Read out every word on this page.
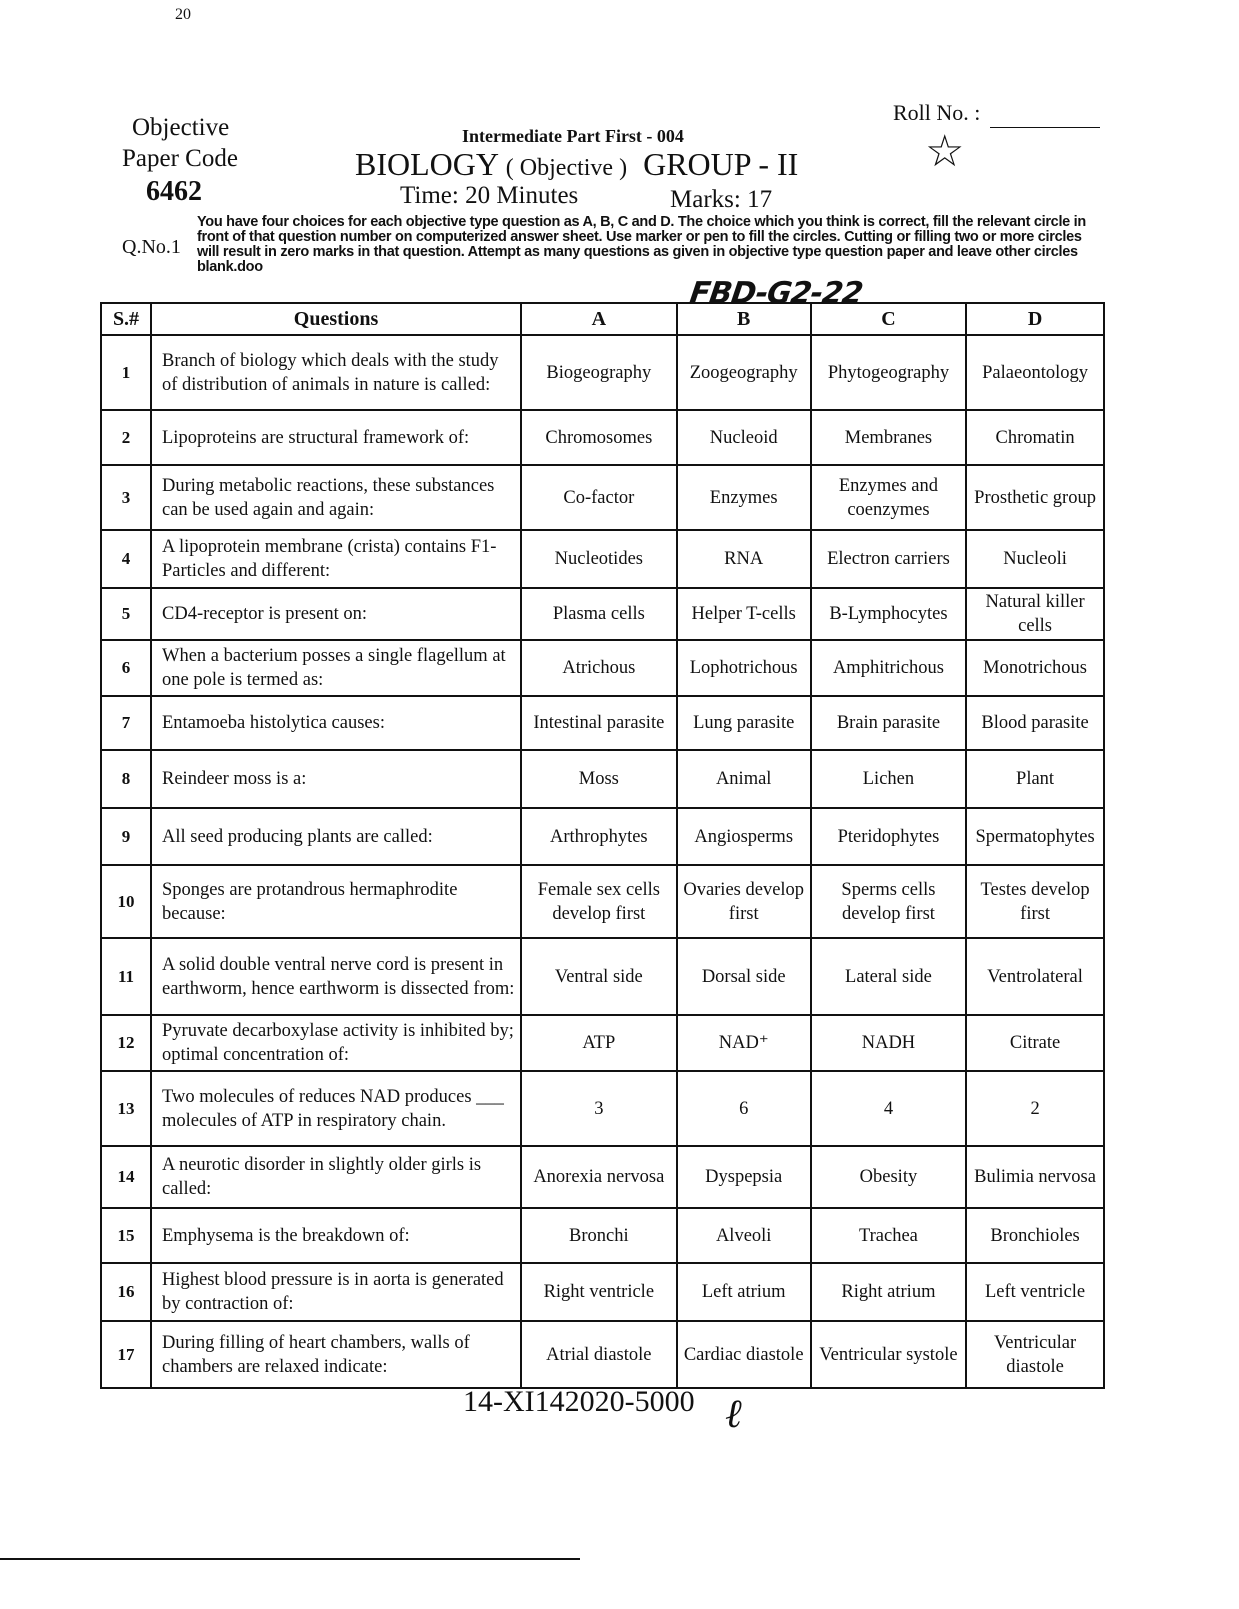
20
Objective
Paper Code
6462
Intermediate Part First - 004
BIOLOGY ( Objective ) GROUP - II
Time: 20 Minutes	Marks: 17
Roll No. :
☆
Q.No.1
You have four choices for each objective type question as A, B, C and D. The choice which you think is correct, fill the relevant circle in front of that question number on computerized answer sheet. Use marker or pen to fill the circles. Cutting or filling two or more circles will result in zero marks in that question. Attempt as many questions as given in objective type question paper and leave other circles blank.doo
FBD-G2-22
S.#	Questions	A	B	C	D
1	Branch of biology which deals with the study of distribution of animals in nature is called:	Biogeography	Zoogeography	Phytogeography	Palaeontology
2	Lipoproteins are structural framework of:	Chromosomes	Nucleoid	Membranes	Chromatin
3	During metabolic reactions, these substances can be used again and again:	Co-factor	Enzymes	Enzymes and coenzymes	Prosthetic group
4	A lipoprotein membrane (crista) contains F1-Particles and different:	Nucleotides	RNA	Electron carriers	Nucleoli
5	CD4-receptor is present on:	Plasma cells	Helper T-cells	B-Lymphocytes	Natural killer cells
6	When a bacterium posses a single flagellum at one pole is termed as:	Atrichous	Lophotrichous	Amphitrichous	Monotrichous
7	Entamoeba histolytica causes:	Intestinal parasite	Lung parasite	Brain parasite	Blood parasite
8	Reindeer moss is a:	Moss	Animal	Lichen	Plant
9	All seed producing plants are called:	Arthrophytes	Angiosperms	Pteridophytes	Spermatophytes
10	Sponges are protandrous hermaphrodite because:	Female sex cells develop first	Ovaries develop first	Sperms cells develop first	Testes develop first
11	A solid double ventral nerve cord is present in earthworm, hence earthworm is dissected from:	Ventral side	Dorsal side	Lateral side	Ventrolateral
12	Pyruvate decarboxylase activity is inhibited by; optimal concentration of:	ATP	NAD⁺	NADH	Citrate
13	Two molecules of reduces NAD produces ___ molecules of ATP in respiratory chain.	3	6	4	2
14	A neurotic disorder in slightly older girls is called:	Anorexia nervosa	Dyspepsia	Obesity	Bulimia nervosa
15	Emphysema is the breakdown of:	Bronchi	Alveoli	Trachea	Bronchioles
16	Highest blood pressure is in aorta is generated by contraction of:	Right ventricle	Left atrium	Right atrium	Left ventricle
17	During filling of heart chambers, walls of chambers are relaxed indicate:	Atrial diastole	Cardiac diastole	Ventricular systole	Ventricular diastole
14-XI142020-5000 ℓ
